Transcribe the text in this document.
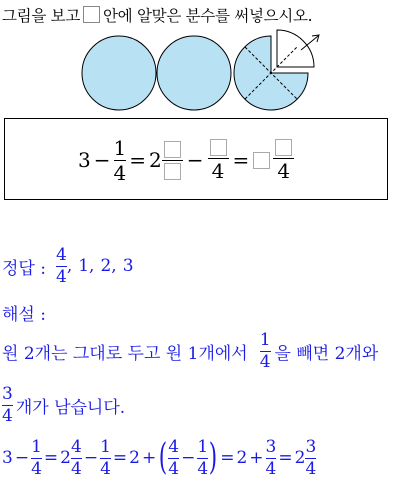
그림을 보고 안에 알맞은 분수를 써넣으시오.
$3 - \frac{1}{4} = 2 - 4 = 4$
정답 : $\frac{4}{4}$ , 1 , 2 , 3
해설 :
원 2개는 그대로 두고 원 1개에서 $\frac{1}{4}$ 을 빼면 2개와
$\frac{3}{4}$ 개가 남습니다.
$3 - \frac{1}{4} = 2 \frac{4}{4} - \frac{1}{4} = 2$ + ( $\frac{4}{4} - \frac{1}{4}$ ) = $2 + \frac{3}{4} = 2 \frac{3}{4}$
